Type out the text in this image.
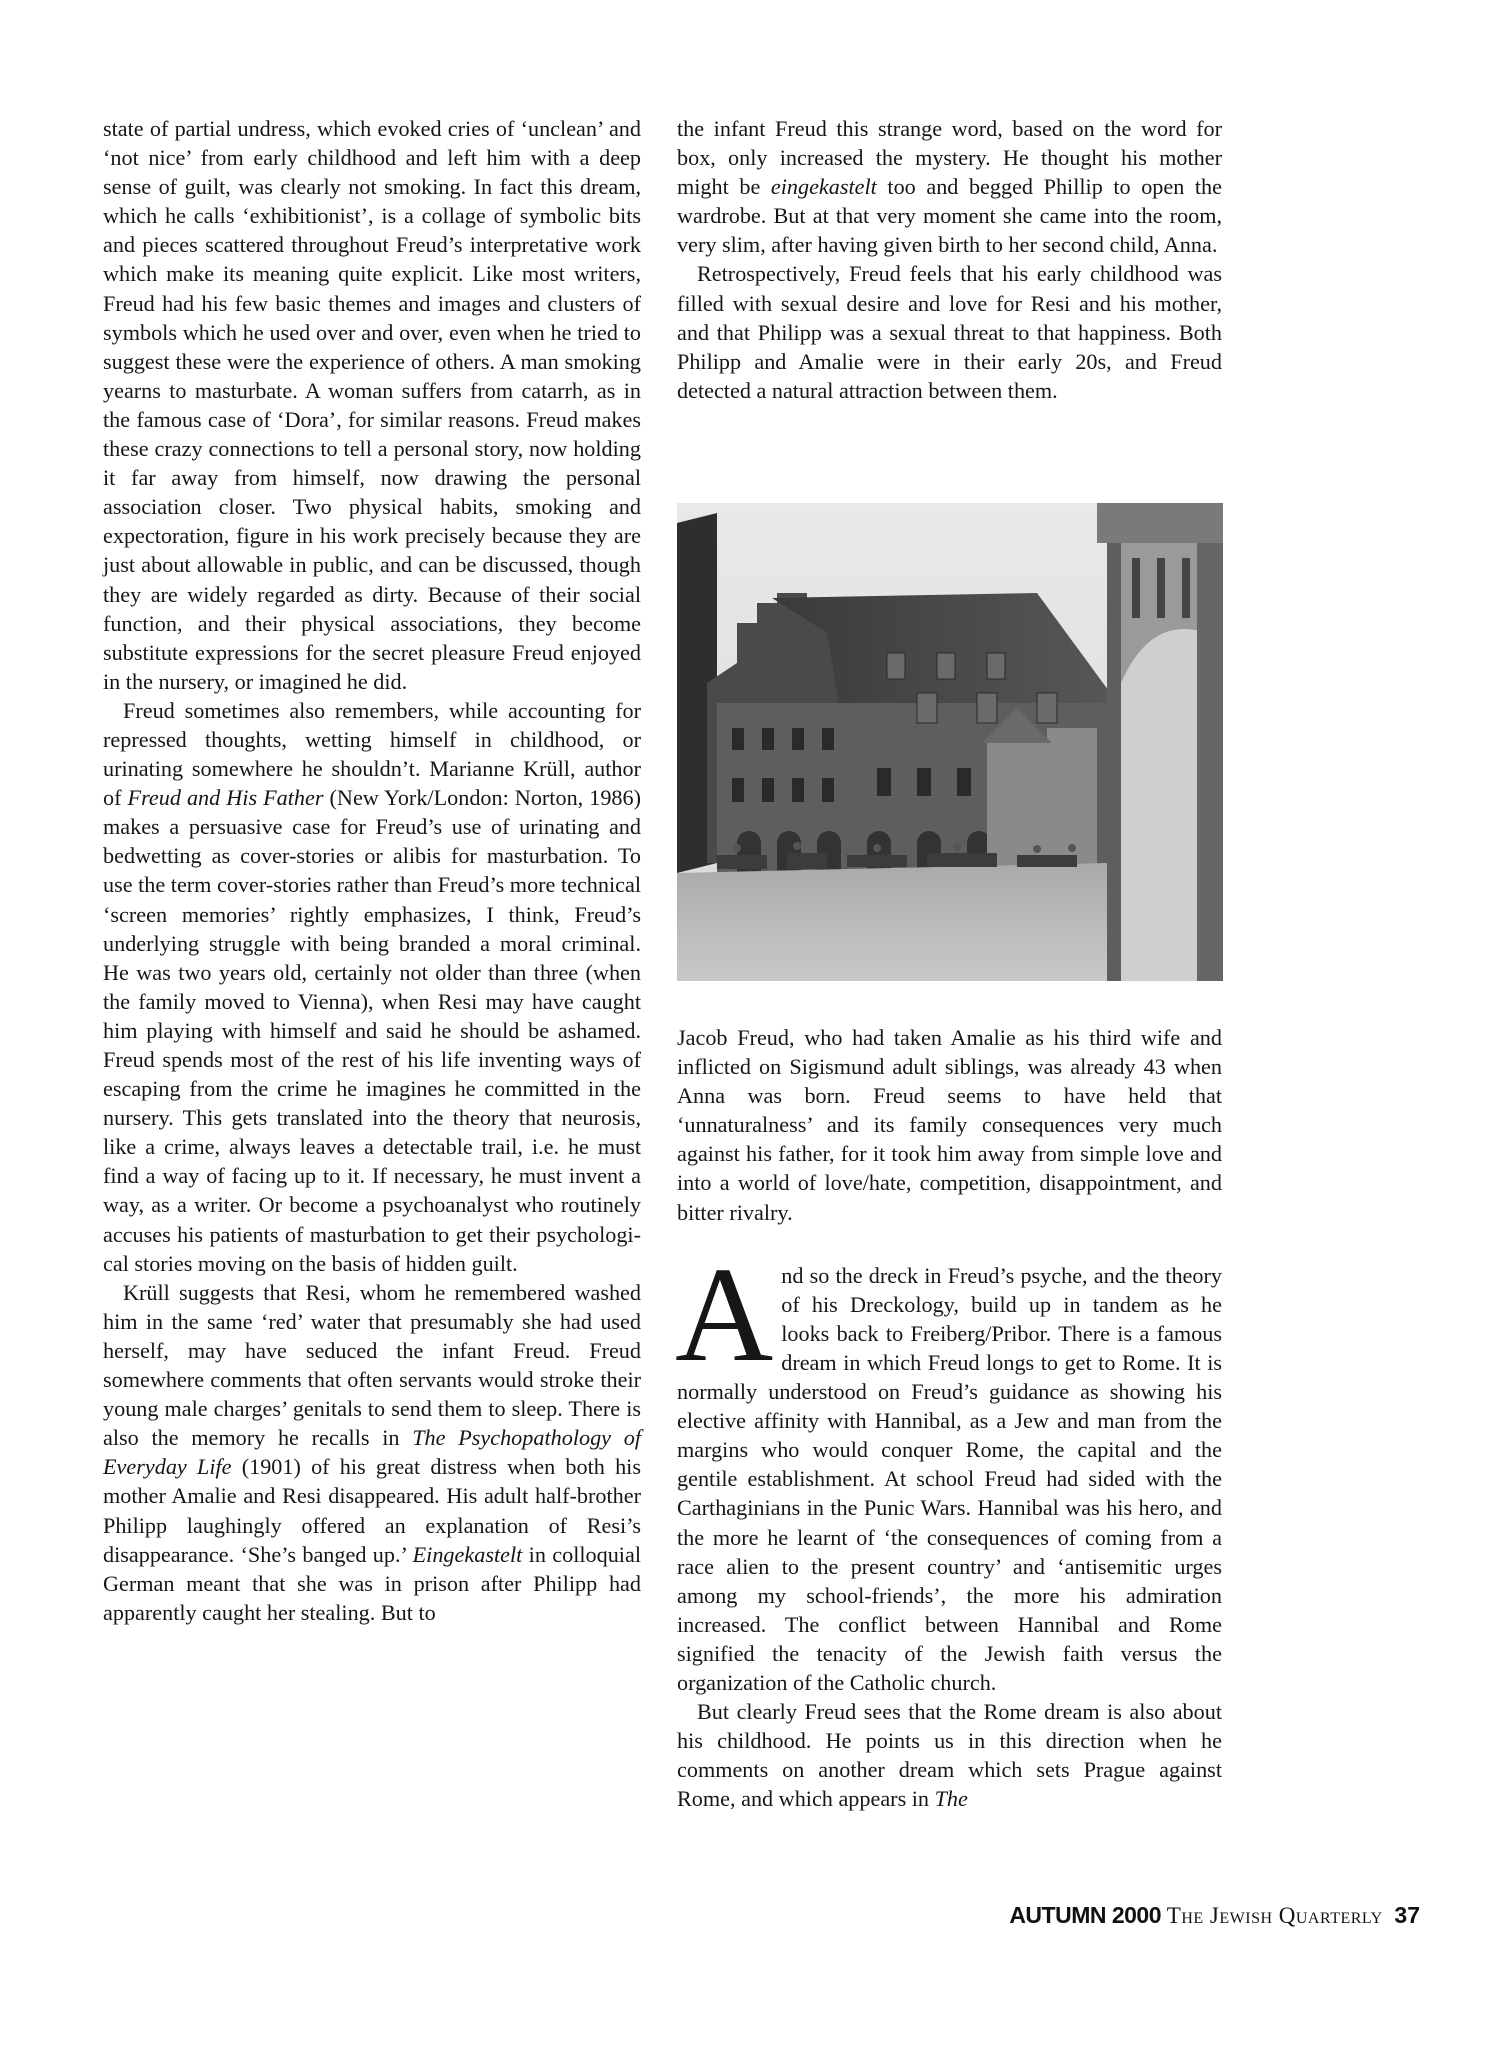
state of partial undress, which evoked cries of ‘unclean’ and ‘not nice’ from early childhood and left him with a deep sense of guilt, was clearly not smoking. In fact this dream, which he calls ‘exhibitionist’, is a collage of symbolic bits and pieces scattered throughout Freud’s interpretative work which make its meaning quite explicit. Like most writers, Freud had his few basic themes and images and clusters of symbols which he used over and over, even when he tried to suggest these were the experience of others. A man smoking yearns to masturbate. A woman suffers from catarrh, as in the famous case of ‘Dora’, for similar reasons. Freud makes these crazy connections to tell a personal story, now holding it far away from himself, now drawing the personal association closer. Two physical habits, smoking and expectoration, figure in his work precisely because they are just about allowable in public, and can be discussed, though they are widely regarded as dirty. Because of their social function, and their physical associations, they become substitute expressions for the secret pleasure Freud enjoyed in the nursery, or imagined he did.

Freud sometimes also remembers, while accounting for repressed thoughts, wetting himself in childhood, or urinating somewhere he shouldn’t. Marianne Krüll, author of Freud and His Father (New York/London: Norton, 1986) makes a persuasive case for Freud’s use of urinating and bedwetting as cover-stories or alibis for masturbation. To use the term cover-stories rather than Freud’s more technical ‘screen memories’ rightly emphasizes, I think, Freud’s underlying struggle with being branded a moral criminal. He was two years old, certainly not older than three (when the family moved to Vienna), when Resi may have caught him playing with himself and said he should be ashamed. Freud spends most of the rest of his life inventing ways of escaping from the crime he imagines he committed in the nursery. This gets translated into the theory that neurosis, like a crime, always leaves a detectable trail, i.e. he must find a way of facing up to it. If necessary, he must invent a way, as a writer. Or become a psychoanalyst who routinely accuses his patients of masturbation to get their psychological stories moving on the basis of hidden guilt.

Krüll suggests that Resi, whom he remembered washed him in the same ‘red’ water that presumably she had used herself, may have seduced the infant Freud. Freud somewhere comments that often servants would stroke their young male charges’ genitals to send them to sleep. There is also the memory he recalls in The Psychopathology of Everyday Life (1901) of his great distress when both his mother Amalie and Resi disappeared. His adult half-brother Philipp laughingly offered an explanation of Resi’s disappearance. ‘She’s banged up.’ Eingekastelt in colloquial German meant that she was in prison after Philipp had apparently caught her stealing. But to

the infant Freud this strange word, based on the word for box, only increased the mystery. He thought his mother might be eingekastelt too and begged Phillip to open the wardrobe. But at that very moment she came into the room, very slim, after having given birth to her second child, Anna.

Retrospectively, Freud feels that his early childhood was filled with sexual desire and love for Resi and his mother, and that Philipp was a sexual threat to that happiness. Both Philipp and Amalie were in their early 20s, and Freud detected a natural attraction between them.

Jacob Freud, who had taken Amalie as his third wife and inflicted on Sigismund adult siblings, was already 43 when Anna was born. Freud seems to have held that ‘unnaturalness’ and its family consequences very much against his father, for it took him away from simple love and into a world of love/hate, competition, disappointment, and bitter rivalry.

And so the dreck in Freud’s psyche, and the theory of his Dreckology, build up in tandem as he looks back to Freiberg/Pribor. There is a famous dream in which Freud longs to get to Rome. It is normally understood on Freud’s guidance as showing his elective affinity with Hannibal, as a Jew and man from the margins who would conquer Rome, the capital and the gentile establishment. At school Freud had sided with the Carthaginians in the Punic Wars. Hannibal was his hero, and the more he learnt of ‘the consequences of coming from a race alien to the present country’ and ‘antisemitic urges among my school-friends’, the more his admiration increased. The conflict between Hannibal and Rome signified the tenacity of the Jewish faith versus the organization of the Catholic church.

But clearly Freud sees that the Rome dream is also about his childhood. He points us in this direction when he comments on another dream which sets Prague against Rome, and which appears in The

AUTUMN 2000 The Jewish Quarterly 37
